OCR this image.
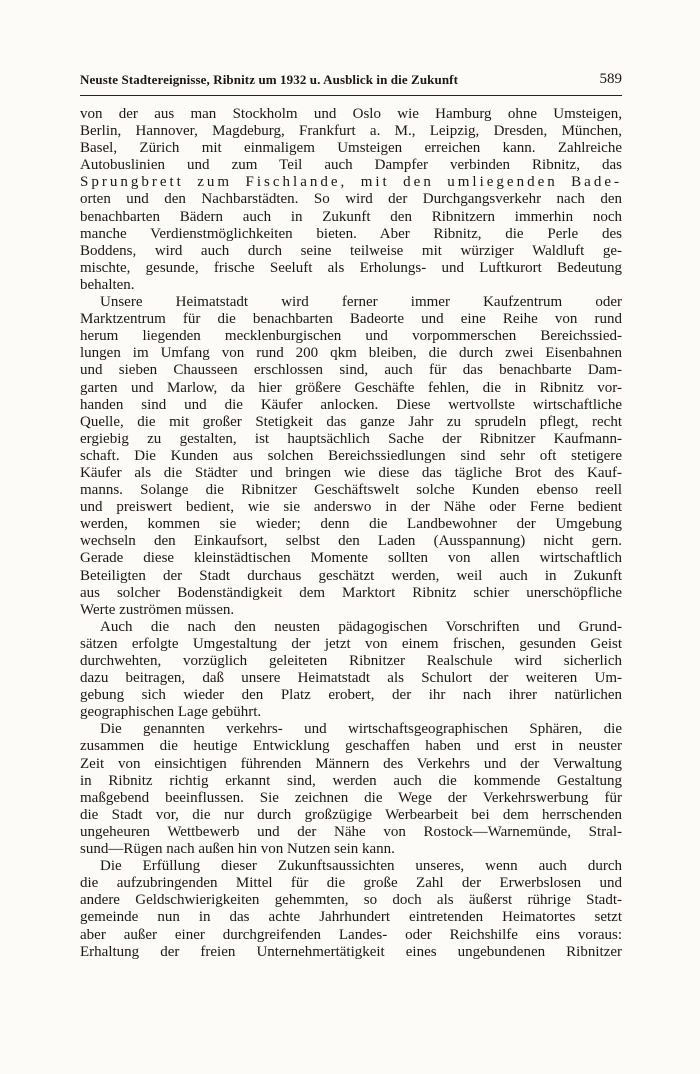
Neuste Stadtereignisse, Ribnitz um 1932 u. Ausblick in die Zukunft	589

von der aus man Stockholm und Oslo wie Hamburg ohne Umsteigen,
Berlin, Hannover, Magdeburg, Frankfurt a. M., Leipzig, Dresden, München,
Basel, Zürich mit einmaligem Umsteigen erreichen kann. Zahlreiche
Autobuslinien und zum Teil auch Dampfer verbinden Ribnitz, das
Sprungbrett zum Fischlande, mit den umliegenden Bade-
orten und den Nachbarstädten. So wird der Durchgangsverkehr nach den
benachbarten Bädern auch in Zukunft den Ribnitzern immerhin noch
manche Verdienstmöglichkeiten bieten. Aber Ribnitz, die Perle des
Boddens, wird auch durch seine teilweise mit würziger Waldluft ge-
mischte, gesunde, frische Seeluft als Erholungs- und Luftkurort Bedeutung
behalten.

Unsere Heimatstadt wird ferner immer Kaufzentrum oder
Marktzentrum für die benachbarten Badeorte und eine Reihe von rund
herum liegenden mecklenburgischen und vorpommerschen Bereichssied-
lungen im Umfang von rund 200 qkm bleiben, die durch zwei Eisenbahnen
und sieben Chausseen erschlossen sind, auch für das benachbarte Dam-
garten und Marlow, da hier größere Geschäfte fehlen, die in Ribnitz vor-
handen sind und die Käufer anlocken. Diese wertvollste wirtschaftliche
Quelle, die mit großer Stetigkeit das ganze Jahr zu sprudeln pflegt, recht
ergiebig zu gestalten, ist hauptsächlich Sache der Ribnitzer Kaufmann-
schaft. Die Kunden aus solchen Bereichssiedlungen sind sehr oft stetigere
Käufer als die Städter und bringen wie diese das tägliche Brot des Kauf-
manns. Solange die Ribnitzer Geschäftswelt solche Kunden ebenso reell
und preiswert bedient, wie sie anderswo in der Nähe oder Ferne bedient
werden, kommen sie wieder; denn die Landbewohner der Umgebung
wechseln den Einkaufsort, selbst den Laden (Ausspannung) nicht gern.
Gerade diese kleinstädtischen Momente sollten von allen wirtschaftlich
Beteiligten der Stadt durchaus geschätzt werden, weil auch in Zukunft
aus solcher Bodenständigkeit dem Marktort Ribnitz schier unerschöpfliche
Werte zuströmen müssen.

Auch die nach den neusten pädagogischen Vorschriften und Grund-
sätzen erfolgte Umgestaltung der jetzt von einem frischen, gesunden Geist
durchwehten, vorzüglich geleiteten Ribnitzer Realschule wird sicherlich
dazu beitragen, daß unsere Heimatstadt als Schulort der weiteren Um-
gebung sich wieder den Platz erobert, der ihr nach ihrer natürlichen
geographischen Lage gebührt.

Die genannten verkehrs- und wirtschaftsgeographischen Sphären, die
zusammen die heutige Entwicklung geschaffen haben und erst in neuster
Zeit von einsichtigen führenden Männern des Verkehrs und der Verwaltung
in Ribnitz richtig erkannt sind, werden auch die kommende Gestaltung
maßgebend beeinflussen. Sie zeichnen die Wege der Verkehrswerbung für
die Stadt vor, die nur durch großzügige Werbearbeit bei dem herrschenden
ungeheuren Wettbewerb und der Nähe von Rostock—Warnemünde, Stral-
sund—Rügen nach außen hin von Nutzen sein kann.

Die Erfüllung dieser Zukunftsaussichten unseres, wenn auch durch
die aufzubringenden Mittel für die große Zahl der Erwerbslosen und
andere Geldschwierigkeiten gehemmten, so doch als äußerst rührige Stadt-
gemeinde nun in das achte Jahrhundert eintretenden Heimatortes setzt
aber außer einer durchgreifenden Landes- oder Reichshilfe eins voraus:
Erhaltung der freien Unternehmertätigkeit eines ungebundenen Ribnitzer
